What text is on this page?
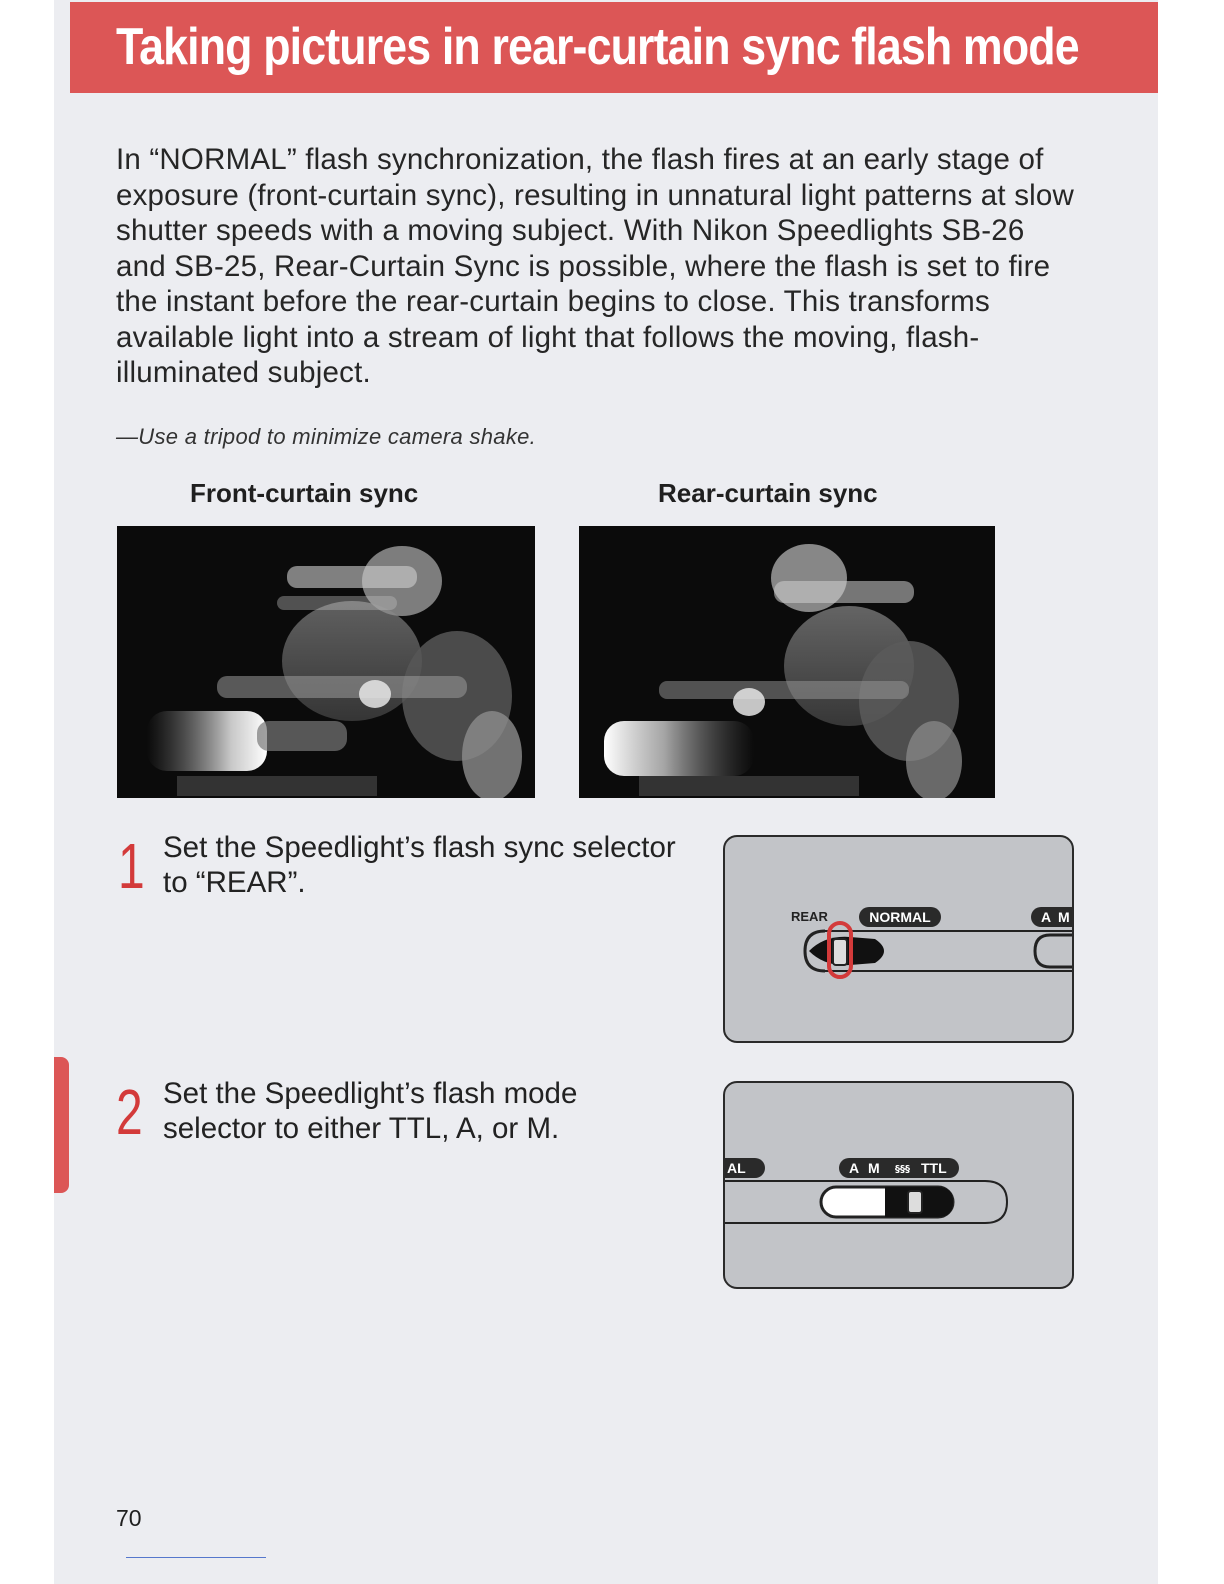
Taking pictures in rear-curtain sync flash mode

In “NORMAL” flash synchronization, the flash fires at an early stage of exposure (front-curtain sync), resulting in unnatural light patterns at slow shutter speeds with a moving subject. With Nikon Speedlights SB-26 and SB-25, Rear-Curtain Sync is possible, where the flash is set to fire the instant before the rear-curtain begins to close. This transforms available light into a stream of light that follows the moving, flash-illuminated subject.

—Use a tripod to minimize camera shake.
Front-curtain sync	Rear-curtain sync
1 Set the Speedlight’s flash sync selector to “REAR”.
REAR	NORMAL	A M
2 Set the Speedlight’s flash mode selector to either TTL, A, or M.
AL	A M §§§ TTL
70
